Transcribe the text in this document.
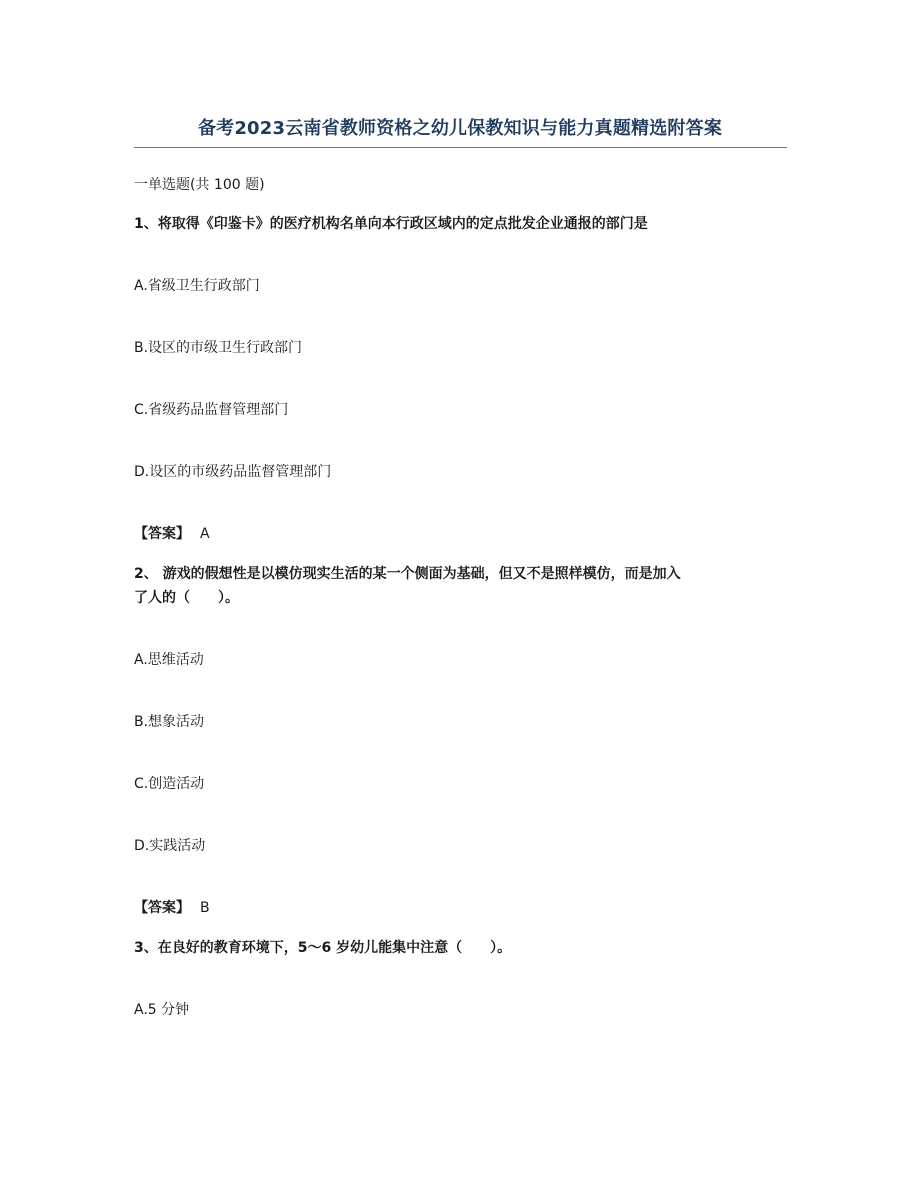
备考2023云南省教师资格之幼儿保教知识与能力真题精选附答案
一单选题(共 100 题)
1、将取得《印鉴卡》的医疗机构名单向本行政区域内的定点批发企业通报的部门是
A.省级卫生行政部门
B.设区的市级卫生行政部门
C.省级药品监督管理部门
D.设区的市级药品监督管理部门
【答案】 A
2、 游戏的假想性是以模仿现实生活的某一个侧面为基础，但又不是照样模仿，而是加入
了人的（　　）。
A.思维活动
B.想象活动
C.创造活动
D.实践活动
【答案】 B
3、在良好的教育环境下，5～6 岁幼儿能集中注意（　　）。
A.5 分钟
